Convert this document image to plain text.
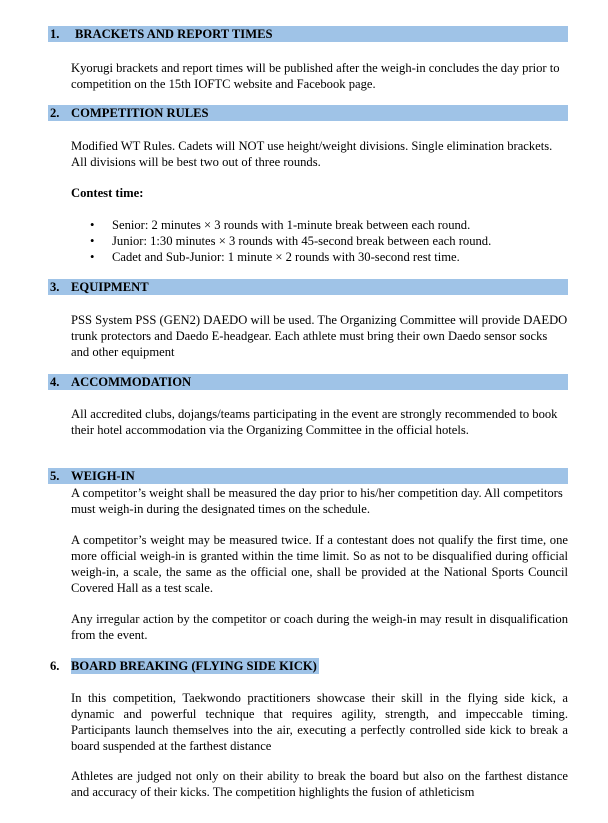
1. BRACKETS AND REPORT TIMES

Kyorugi brackets and report times will be published after the weigh-in concludes the day prior to competition on the 15th IOFTC website and Facebook page.

2. COMPETITION RULES

Modified WT Rules. Cadets will NOT use height/weight divisions. Single elimination brackets. All divisions will be best two out of three rounds.

Contest time:
• Senior: 2 minutes × 3 rounds with 1-minute break between each round.
• Junior: 1:30 minutes × 3 rounds with 45-second break between each round.
• Cadet and Sub-Junior: 1 minute × 2 rounds with 30-second rest time.
3. EQUIPMENT

PSS System PSS (GEN2) DAEDO will be used. The Organizing Committee will provide DAEDO trunk protectors and Daedo E-headgear. Each athlete must bring their own Daedo sensor socks and other equipment

4. ACCOMMODATION

All accredited clubs, dojangs/teams participating in the event are strongly recommended to book their hotel accommodation via the Organizing Committee in the official hotels.

5. WEIGH-IN

A competitor’s weight shall be measured the day prior to his/her competition day. All competitors must weigh-in during the designated times on the schedule.

A competitor’s weight may be measured twice. If a contestant does not qualify the first time, one more official weigh-in is granted within the time limit. So as not to be disqualified during official weigh-in, a scale, the same as the official one, shall be provided at the National Sports Council Covered Hall as a test scale.

Any irregular action by the competitor or coach during the weigh-in may result in disqualification from the event.

6. BOARD BREAKING (FLYING SIDE KICK)

In this competition, Taekwondo practitioners showcase their skill in the flying side kick, a dynamic and powerful technique that requires agility, strength, and impeccable timing. Participants launch themselves into the air, executing a perfectly controlled side kick to break a board suspended at the farthest distance

Athletes are judged not only on their ability to break the board but also on the farthest distance and accuracy of their kicks. The competition highlights the fusion of athleticism
